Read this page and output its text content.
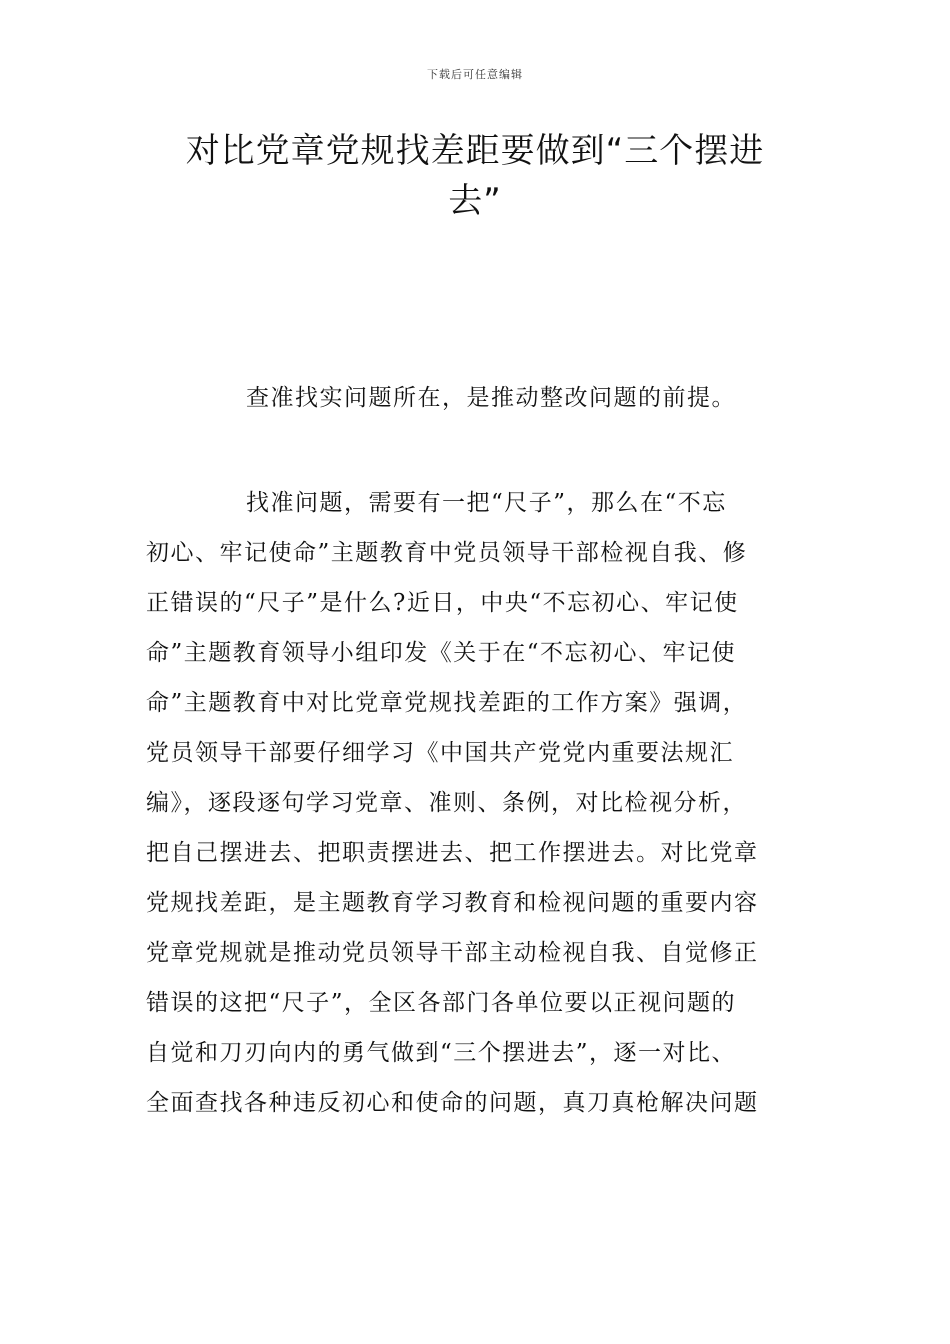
下载后可任意编辑
对比党章党规找差距要做到“三个摆进
去”
查准找实问题所在，是推动整改问题的前提。
找准问题，需要有一把“尺子”，那么在“不忘
初心、牢记使命”主题教育中党员领导干部检视自我、修
正错误的“尺子”是什么?近日，中央“不忘初心、牢记使
命”主题教育领导小组印发《关于在“不忘初心、牢记使
命”主题教育中对比党章党规找差距的工作方案》强调，
党员领导干部要仔细学习《中国共产党党内重要法规汇
编》，逐段逐句学习党章、准则、条例，对比检视分析，
把自己摆进去、把职责摆进去、把工作摆进去。对比党章
党规找差距，是主题教育学习教育和检视问题的重要内容
党章党规就是推动党员领导干部主动检视自我、自觉修正
错误的这把“尺子”，全区各部门各单位要以正视问题的
自觉和刀刃向内的勇气做到“三个摆进去”，逐一对比、
全面查找各种违反初心和使命的问题，真刀真枪解决问题
